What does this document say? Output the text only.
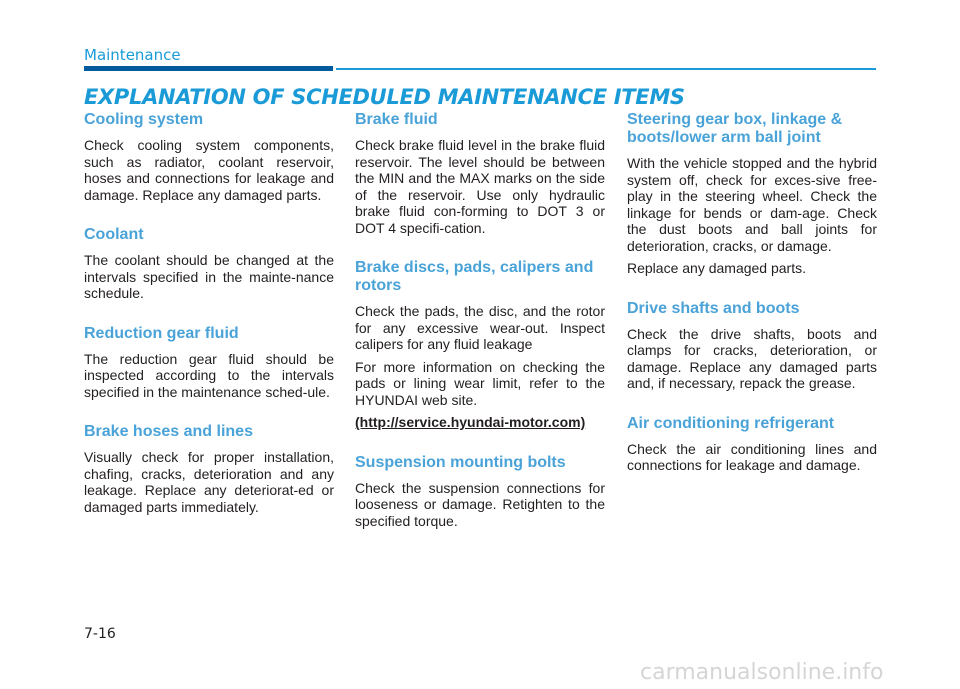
Maintenance
EXPLANATION OF SCHEDULED MAINTENANCE ITEMS
Cooling system
Check cooling system components, such as radiator, coolant reservoir, hoses and connections for leakage and damage. Replace any damaged parts.
Coolant
The coolant should be changed at the intervals specified in the mainte-nance schedule.
Reduction gear fluid
The reduction gear fluid should be inspected according to the intervals specified in the maintenance sched-ule.
Brake hoses and lines
Visually check for proper installation, chafing, cracks, deterioration and any leakage. Replace any deteriorat-ed or damaged parts immediately.
Brake fluid
Check brake fluid level in the brake fluid reservoir. The level should be between the MIN and the MAX marks on the side of the reservoir. Use only hydraulic brake fluid con-forming to DOT 3 or DOT 4 specifi-cation.
Brake discs, pads, calipers and rotors
Check the pads, the disc, and the rotor for any excessive wear-out. Inspect calipers for any fluid leakage
For more information on checking the pads or lining wear limit, refer to the HYUNDAI web site.
(http://service.hyundai-motor.com)
Suspension mounting bolts
Check the suspension connections for looseness or damage. Retighten to the specified torque.
Steering gear box, linkage & boots/lower arm ball joint
With the vehicle stopped and the hybrid system off, check for exces-sive free-play in the steering wheel. Check the linkage for bends or dam-age. Check the dust boots and ball joints for deterioration, cracks, or damage.
Replace any damaged parts.
Drive shafts and boots
Check the drive shafts, boots and clamps for cracks, deterioration, or damage. Replace any damaged parts and, if necessary, repack the grease.
Air conditioning refrigerant
Check the air conditioning lines and connections for leakage and damage.
7-16
carmanualsonline.info
